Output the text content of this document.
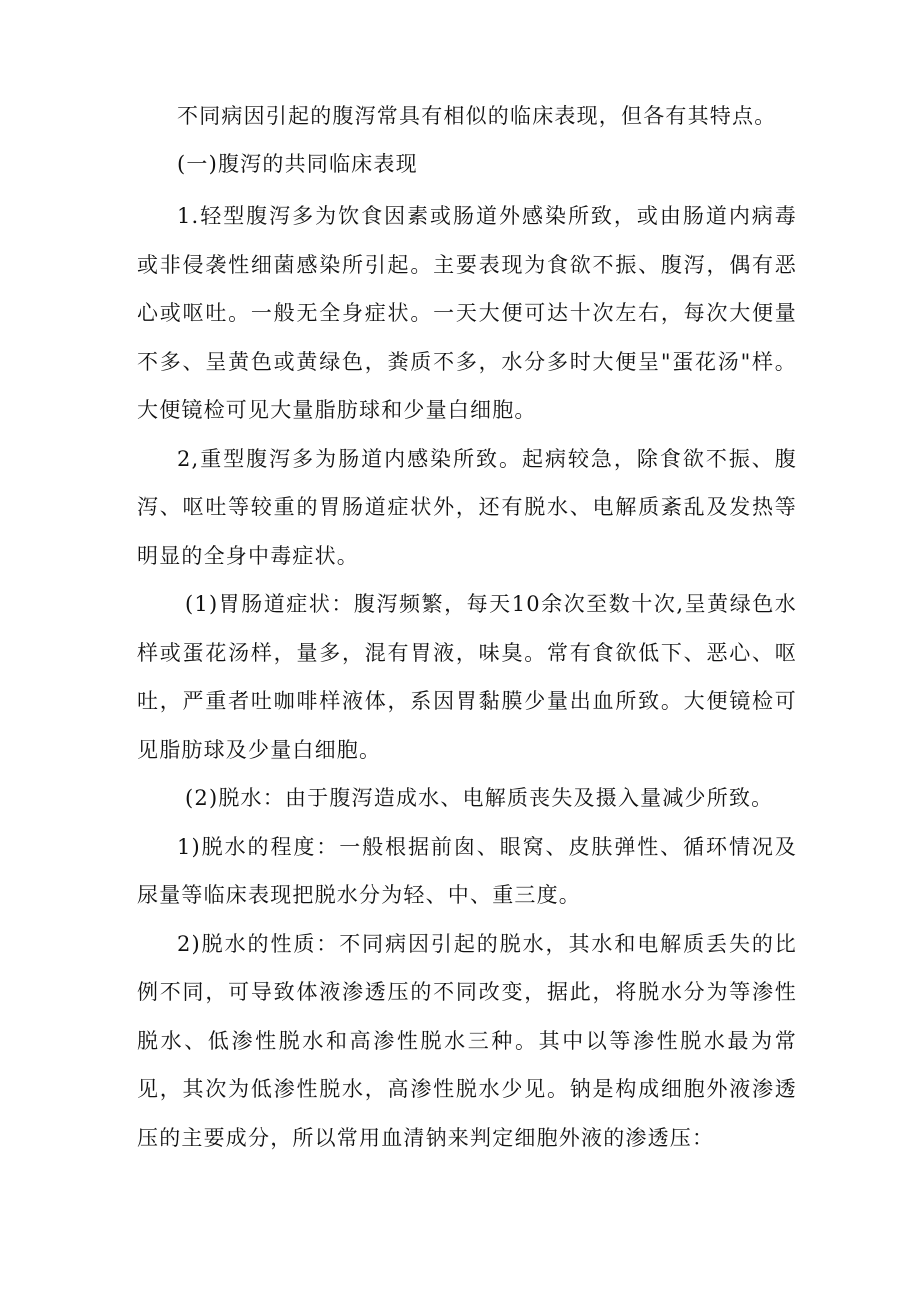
不同病因引起的腹泻常具有相似的临床表现，但各有其特点。

(一)腹泻的共同临床表现

1.轻型腹泻多为饮食因素或肠道外感染所致，或由肠道内病毒或非侵袭性细菌感染所引起。主要表现为食欲不振、腹泻，偶有恶心或呕吐。一般无全身症状。一天大便可达十次左右，每次大便量不多、呈黄色或黄绿色，粪质不多，水分多时大便呈"蛋花汤"样。大便镜检可见大量脂肪球和少量白细胞。

2,重型腹泻多为肠道内感染所致。起病较急，除食欲不振、腹泻、呕吐等较重的胃肠道症状外，还有脱水、电解质紊乱及发热等明显的全身中毒症状。

(1)胃肠道症状：腹泻频繁，每天10余次至数十次,呈黄绿色水样或蛋花汤样，量多，混有胃液，味臭。常有食欲低下、恶心、呕吐，严重者吐咖啡样液体，系因胃黏膜少量出血所致。大便镜检可见脂肪球及少量白细胞。

(2)脱水：由于腹泻造成水、电解质丧失及摄入量减少所致。

1)脱水的程度：一般根据前囱、眼窝、皮肤弹性、循环情况及尿量等临床表现把脱水分为轻、中、重三度。

2)脱水的性质：不同病因引起的脱水，其水和电解质丢失的比例不同，可导致体液渗透压的不同改变，据此，将脱水分为等渗性脱水、低渗性脱水和高渗性脱水三种。其中以等渗性脱水最为常见，其次为低渗性脱水，高渗性脱水少见。钠是构成细胞外液渗透压的主要成分，所以常用血清钠来判定细胞外液的渗透压：
